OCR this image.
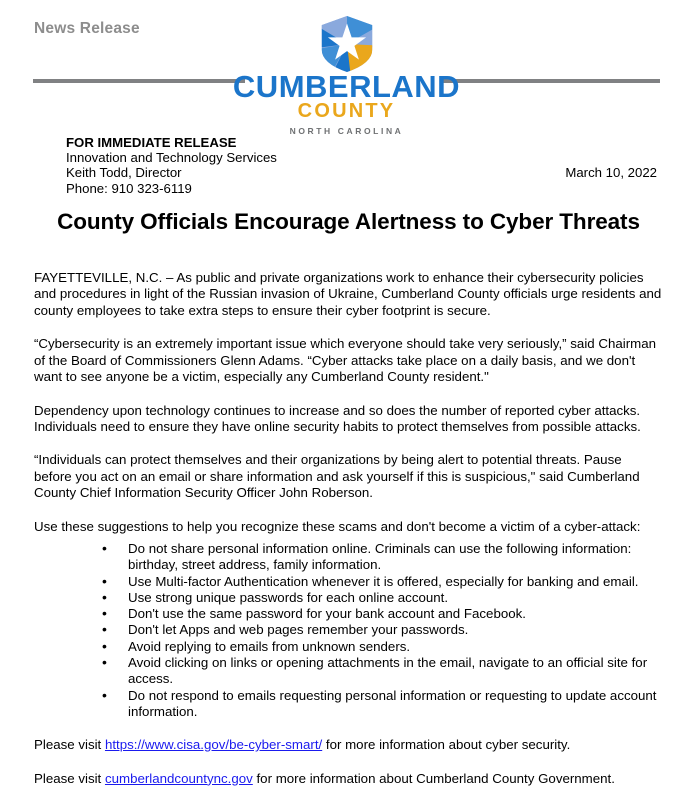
News Release
CUMBERLAND
COUNTY
NORTH CAROLINA
FOR IMMEDIATE RELEASE
Innovation and Technology Services
Keith Todd, Director
Phone: 910 323-6119
March 10, 2022
County Officials Encourage Alertness to Cyber Threats

FAYETTEVILLE, N.C. – As public and private organizations work to enhance their cybersecurity policies and procedures in light of the Russian invasion of Ukraine, Cumberland County officials urge residents and county employees to take extra steps to ensure their cyber footprint is secure.

“Cybersecurity is an extremely important issue which everyone should take very seriously,” said Chairman of the Board of Commissioners Glenn Adams. “Cyber attacks take place on a daily basis, and we don't want to see anyone be a victim, especially any Cumberland County resident."

Dependency upon technology continues to increase and so does the number of reported cyber attacks. Individuals need to ensure they have online security habits to protect themselves from possible attacks.

“Individuals can protect themselves and their organizations by being alert to potential threats. Pause before you act on an email or share information and ask yourself if this is suspicious," said Cumberland County Chief Information Security Officer John Roberson.

Use these suggestions to help you recognize these scams and don't become a victim of a cyber-attack:

• Do not share personal information online. Criminals can use the following information: birthday, street address, family information.
• Use Multi-factor Authentication whenever it is offered, especially for banking and email.
• Use strong unique passwords for each online account.
• Don't use the same password for your bank account and Facebook.
• Don't let Apps and web pages remember your passwords.
• Avoid replying to emails from unknown senders.
• Avoid clicking on links or opening attachments in the email, navigate to an official site for access.
• Do not respond to emails requesting personal information or requesting to update account information.

Please visit https://www.cisa.gov/be-cyber-smart/ for more information about cyber security.

Please visit cumberlandcountync.gov for more information about Cumberland County Government.
